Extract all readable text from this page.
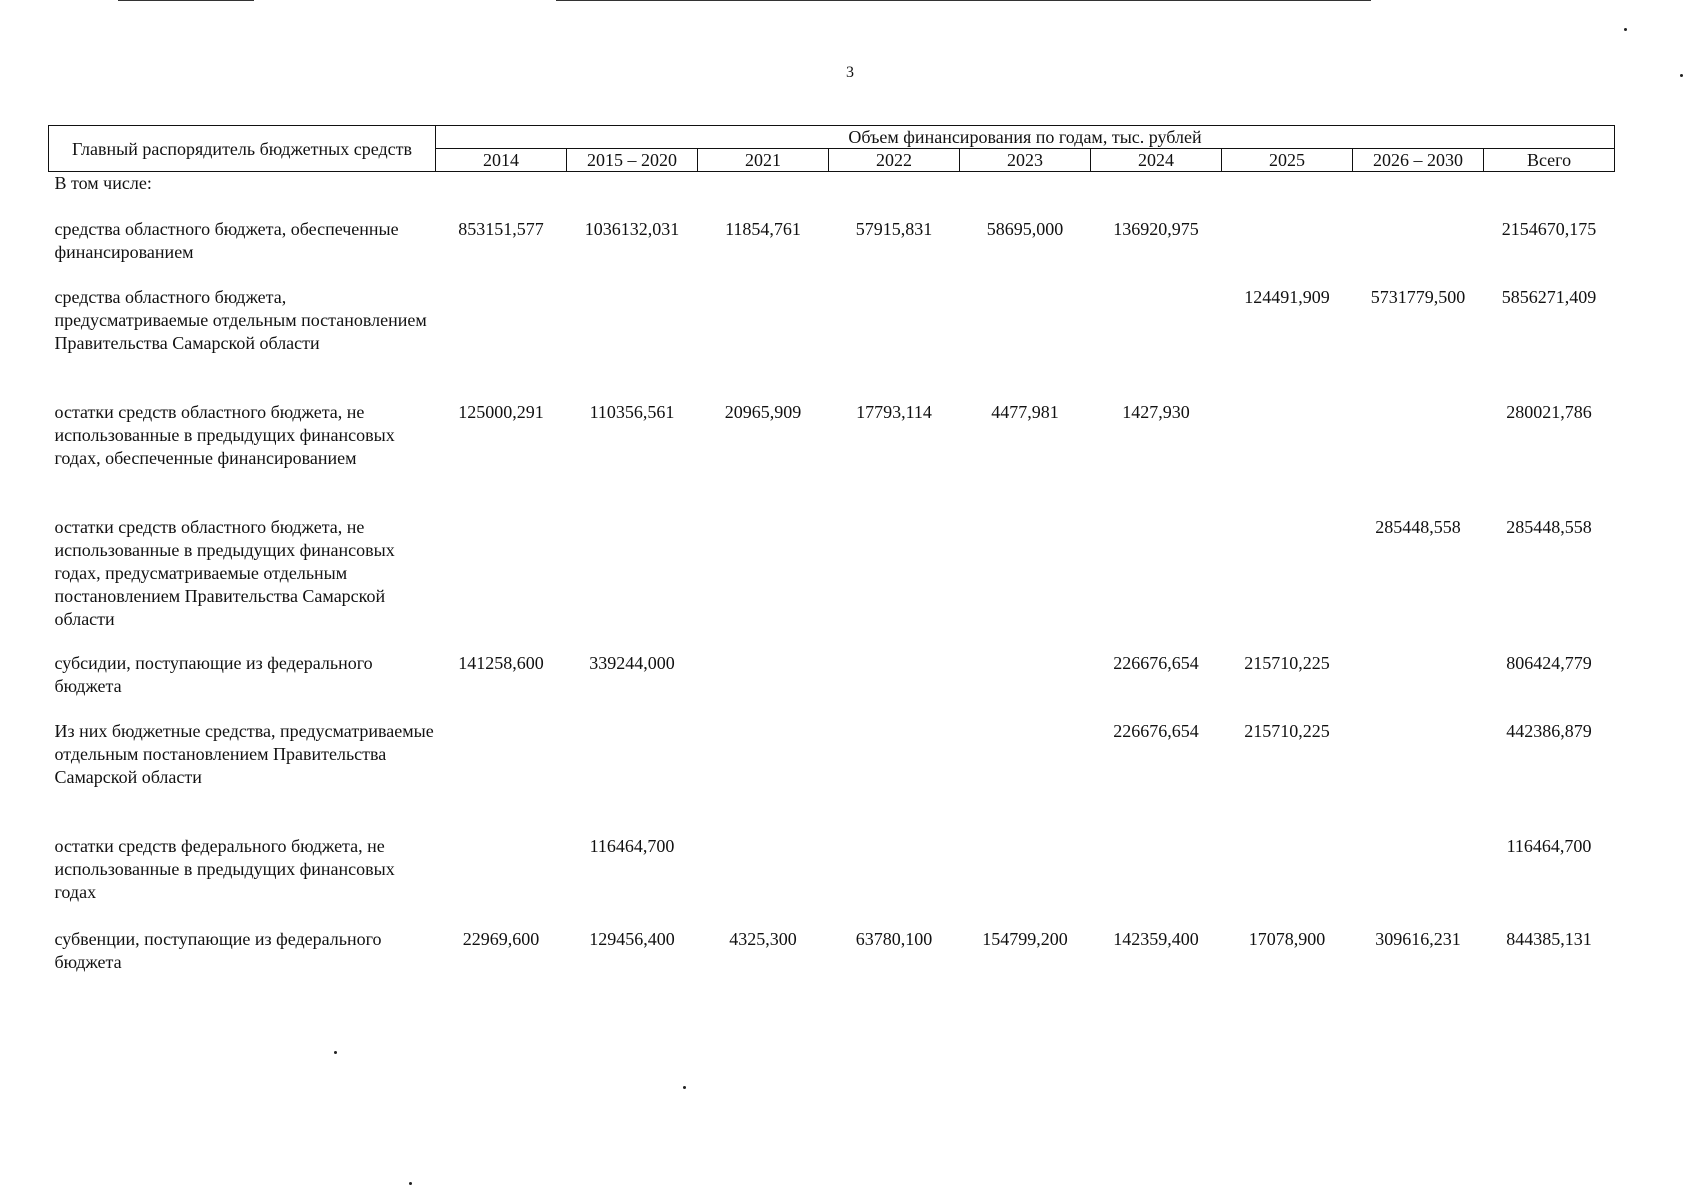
3
Главный распорядитель бюджетных средств	Объем финансирования по годам, тыс. рублей								
	2014	2015 – 2020	2021	2022	2023	2024	2025	2026 – 2030	Всего
В том числе:									
средства областного бюджета, обеспеченные финансированием	853151,577	1036132,031	11854,761	57915,831	58695,000	136920,975			2154670,175
средства областного бюджета, предусматриваемые отдельным постановлением Правительства Самарской области							124491,909	5731779,500	5856271,409
остатки средств областного бюджета, не использованные в предыдущих финансовых годах, обеспеченные финансированием	125000,291	110356,561	20965,909	17793,114	4477,981	1427,930			280021,786
остатки средств областного бюджета, не использованные в предыдущих финансовых годах, предусматриваемые отдельным постановлением Правительства Самарской области								285448,558	285448,558
субсидии, поступающие из федерального бюджета	141258,600	339244,000				226676,654	215710,225		806424,779
Из них бюджетные средства, предусматриваемые отдельным постановлением Правительства Самарской области						226676,654	215710,225		442386,879
остатки средств федерального бюджета, не использованные в предыдущих финансовых годах		116464,700							116464,700
субвенции, поступающие из федерального бюджета	22969,600	129456,400	4325,300	63780,100	154799,200	142359,400	17078,900	309616,231	844385,131
